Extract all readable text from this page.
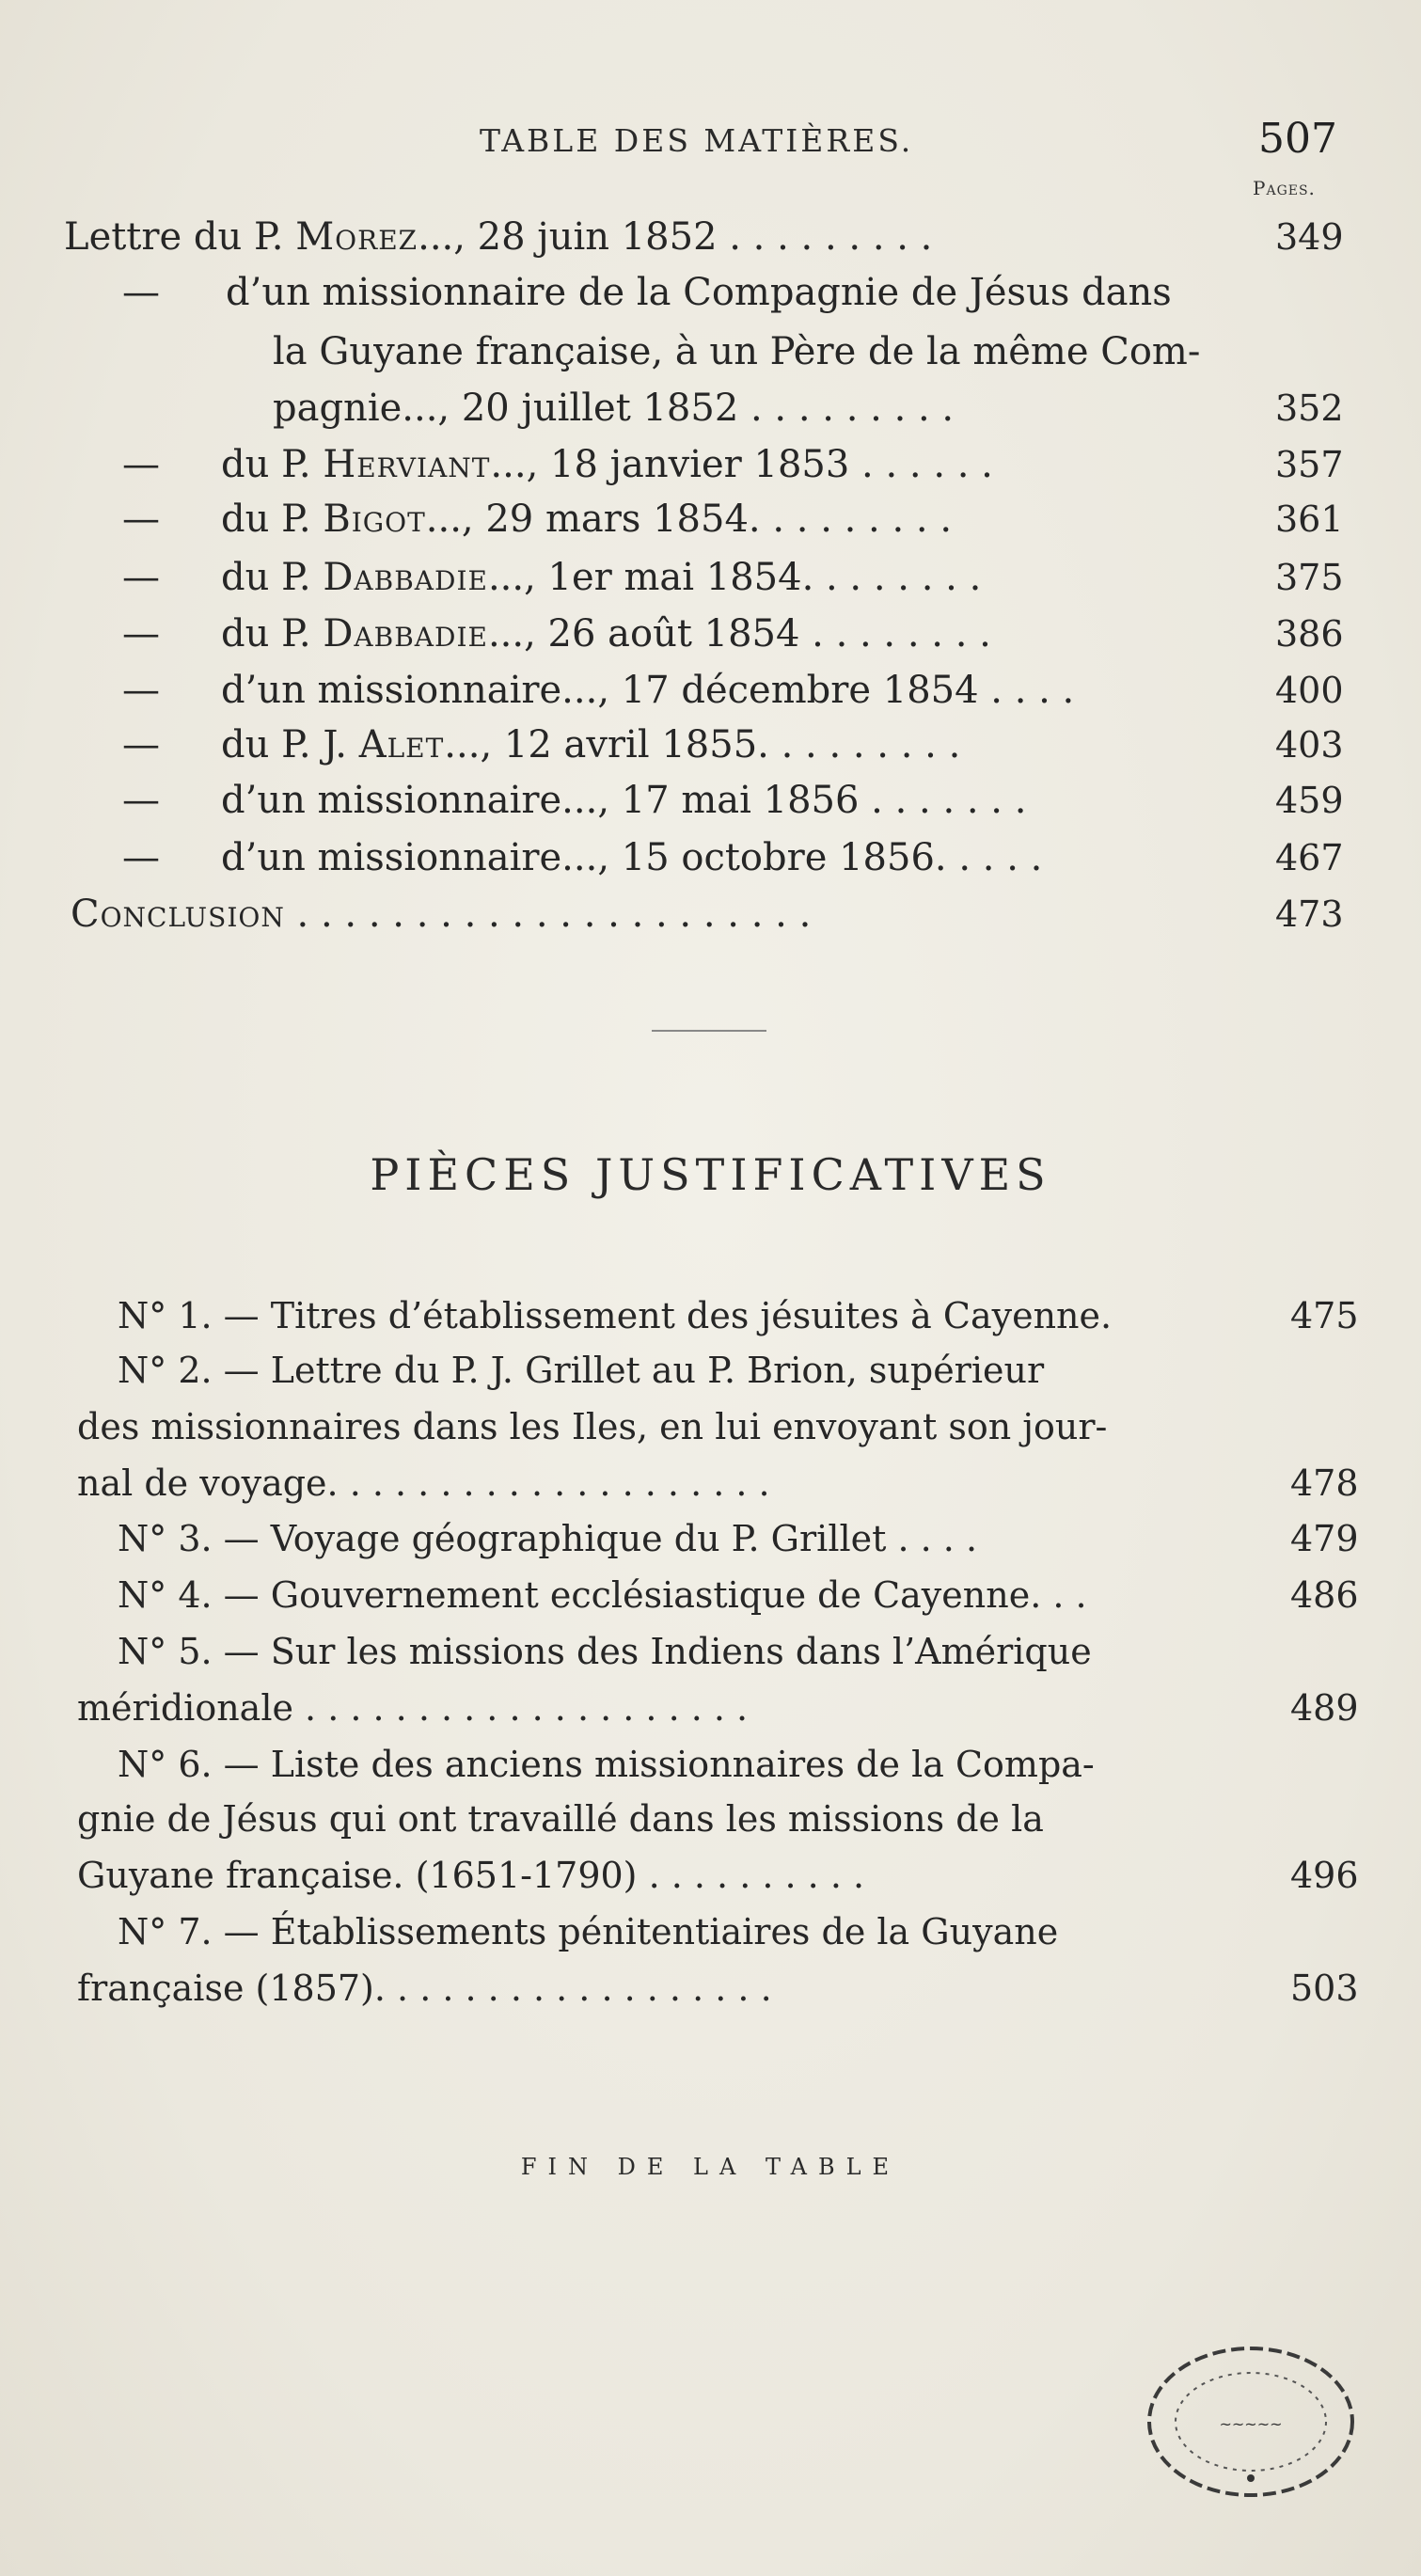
TABLE DES MATIÈRES.	507
Pages.
Lettre du P. Morez..., 28 juin 1852 . . . . . . . . .	349
— d’un missionnaire de la Compagnie de Jésus dans
la Guyane française, à un Père de la même Com-
pagnie..., 20 juillet 1852 . . . . . . . . .	352
— du P. Herviant..., 18 janvier 1853 . . . . . .	357
— du P. Bigot..., 29 mars 1854. . . . . . . . .	361
— du P. Dabbadie..., 1er mai 1854. . . . . . . .	375
— du P. Dabbadie..., 26 août 1854 . . . . . . . .	386
— d’un missionnaire..., 17 décembre 1854 . . . .	400
— du P. J. Alet..., 12 avril 1855. . . . . . . . .	403
— d’un missionnaire..., 17 mai 1856 . . . . . . .	459
— d’un missionnaire..., 15 octobre 1856. . . . .	467
Conclusion . . . . . . . . . . . . . . . . . . . . . .	473
PIÈCES JUSTIFICATIVES
N° 1. — Titres d’établissement des jésuites à Cayenne.	475
N° 2. — Lettre du P. J. Grillet au P. Brion, supérieur
des missionnaires dans les Iles, en lui envoyant son jour-
nal de voyage. . . . . . . . . . . . . . . . . . . .	478
N° 3. — Voyage géographique du P. Grillet . . . .	479
N° 4. — Gouvernement ecclésiastique de Cayenne. . .	486
N° 5. — Sur les missions des Indiens dans l’Amérique
méridionale . . . . . . . . . . . . . . . . . . . .	489
N° 6. — Liste des anciens missionnaires de la Compa-
gnie de Jésus qui ont travaillé dans les missions de la
Guyane française. (1651-1790) . . . . . . . . . .	496
N° 7. — Établissements pénitentiaires de la Guyane
française (1857). . . . . . . . . . . . . . . . . .	503
FIN DE LA TABLE
~~~~~
